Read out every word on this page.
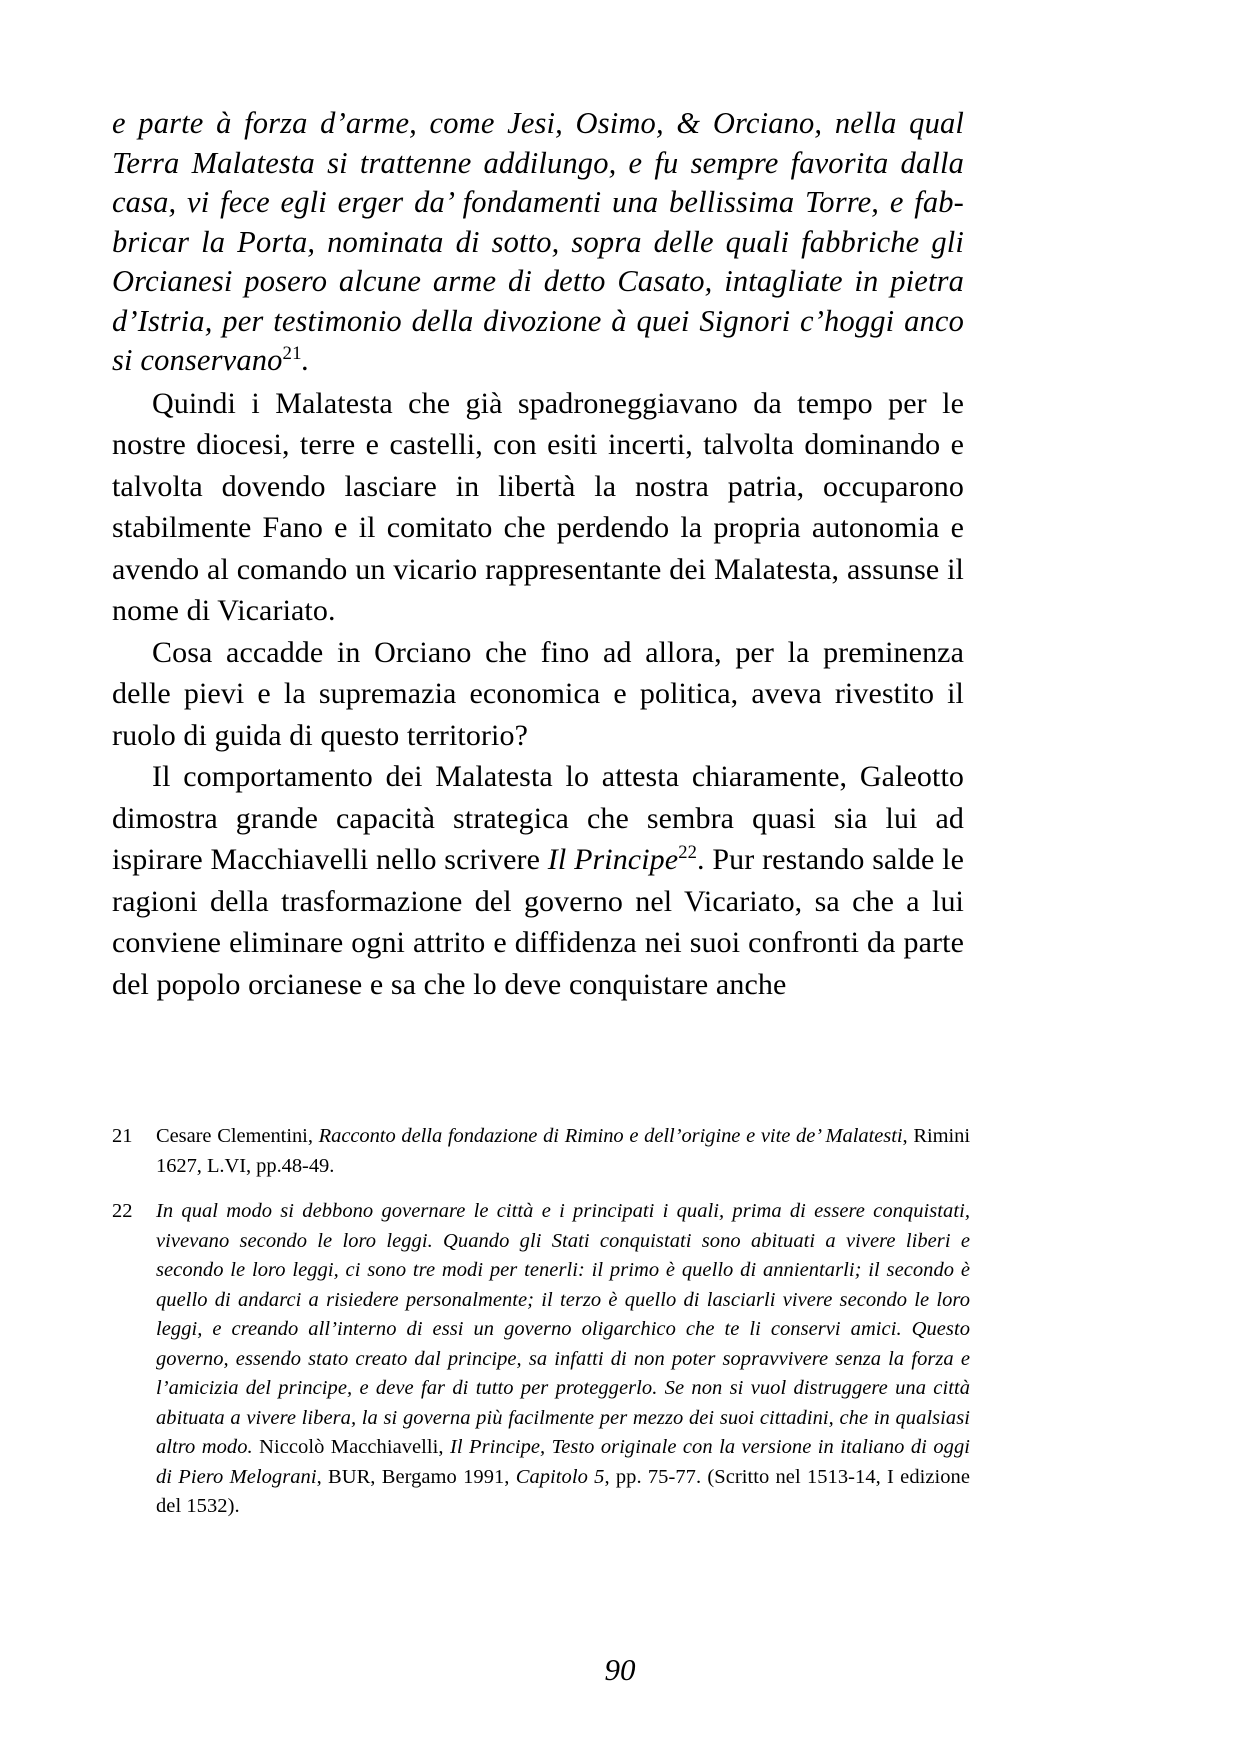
e parte à forza d’arme, come Jesi, Osimo, & Orciano, nella qual Terra Malatesta si trattenne addilungo, e fu sempre favorita dalla casa, vi fece egli erger da’ fondamenti una bellissima Torre, e fab- bricar la Porta, nominata di sotto, sopra delle quali fabbriche gli Orcianesi posero alcune arme di detto Casato, intagliate in pietra d’Istria, per testimonio della divozione à quei Signori c’hoggi anco si conservano$^{21}$.

Quindi i Malatesta che già spadroneggiavano da tempo per le nostre diocesi, terre e castelli, con esiti incerti, talvolta dominando e talvolta dovendo lasciare in libertà la nostra patria, occuparono stabilmente Fano e il comitato che perdendo la propria autonomia e avendo al comando un vicario rappresentante dei Malatesta, assunse il nome di Vicariato.

Cosa accadde in Orciano che fino ad allora, per la preminenza delle pievi e la supremazia economica e politica, aveva rivestito il ruolo di guida di questo territorio?

Il comportamento dei Malatesta lo attesta chiaramente, Galeotto dimostra grande capacità strategica che sembra quasi sia lui ad ispirare Macchiavelli nello scrivere Il Principe$^{22}$. Pur restando salde le ragioni della trasformazione del governo nel Vicariato, sa che a lui conviene eliminare ogni attrito e diffidenza nei suoi confronti da parte del popolo orcianese e sa che lo deve conquistare anche

21	Cesare Clementini, Racconto della fondazione di Rimino e dell’origine e vite de’ Malatesti, Rimini 1627, L.VI, pp.48-49.
22	In qual modo si debbono governare le città e i principati i quali, prima di essere conquistati, vivevano secondo le loro leggi. Quando gli Stati conquistati sono abituati a vivere liberi e secondo le loro leggi, ci sono tre modi per tenerli: il primo è quello di annientarli; il secondo è quello di andarci a risiedere personalmente; il terzo è quello di lasciarli vivere secondo le loro leggi, e creando all’interno di essi un governo oligarchico che te li conservi amici. Questo governo, essendo stato creato dal principe, sa infatti di non poter sopravvivere senza la forza e l’amicizia del principe, e deve far di tutto per proteggerlo. Se non si vuol distruggere una città abituata a vivere libera, la si governa più facilmente per mezzo dei suoi cittadini, che in qualsiasi altro modo. Niccolò Macchiavelli, Il Principe, Testo originale con la versione in italiano di oggi di Piero Melograni, BUR, Bergamo 1991, Capitolo 5, pp. 75-77. (Scritto nel 1513-14, I edizione del 1532).
90
